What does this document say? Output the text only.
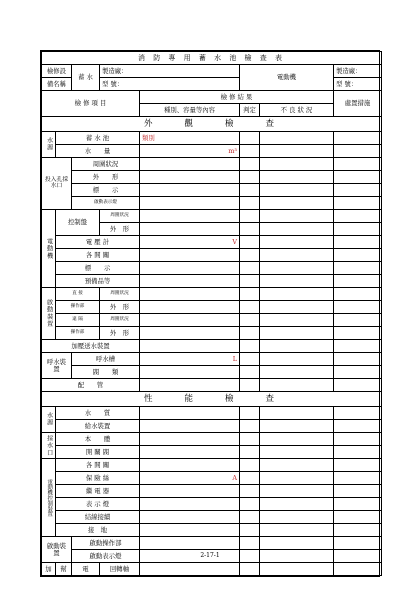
消 防 專 用 蓄 水 池 檢 查 表							
檢修設		蓄 水	製造廠：		電動機		製造廠：
備名稱			型 號：				型 號：
檢 修 項 目				檢 修 結 果			處置措施
				種別、容量等內容	判定	不 良 狀 況	
外　　觀　　檢　　查							
水源	蓄 水 池			類別			
	水　　量			m³			
投入孔採水口		周圍狀況					
		外　　形					
		標　　示					
		啟動表示燈					
電動機	控制盤		周圍狀況				
			外　形				
	電 壓 計			V			
	各 開 關						
	標　　示						
	預備品等						
啟動裝置	直 接		周圍狀況				
	操作部		外　形				
	遠 隔		周圍狀況				
	操作部		外　形				
加壓送水裝置							
呼水裝置		呼水槽		L			
		閥　　類					
配　　管							
性　　能　　檢　　查							
水源	水　　質						
	給水裝置						
採水口	本　　體						
	開 關 閥						
電動機控制裝置	各 開 關						
	保 險 絲			A			
	繼 電 器						
	表 示 燈						
	結線接續						
	接　地						
啟動裝置		啟動操作部					
		啟動表示燈					
加	幫	電	回轉軸				
2-17-1
